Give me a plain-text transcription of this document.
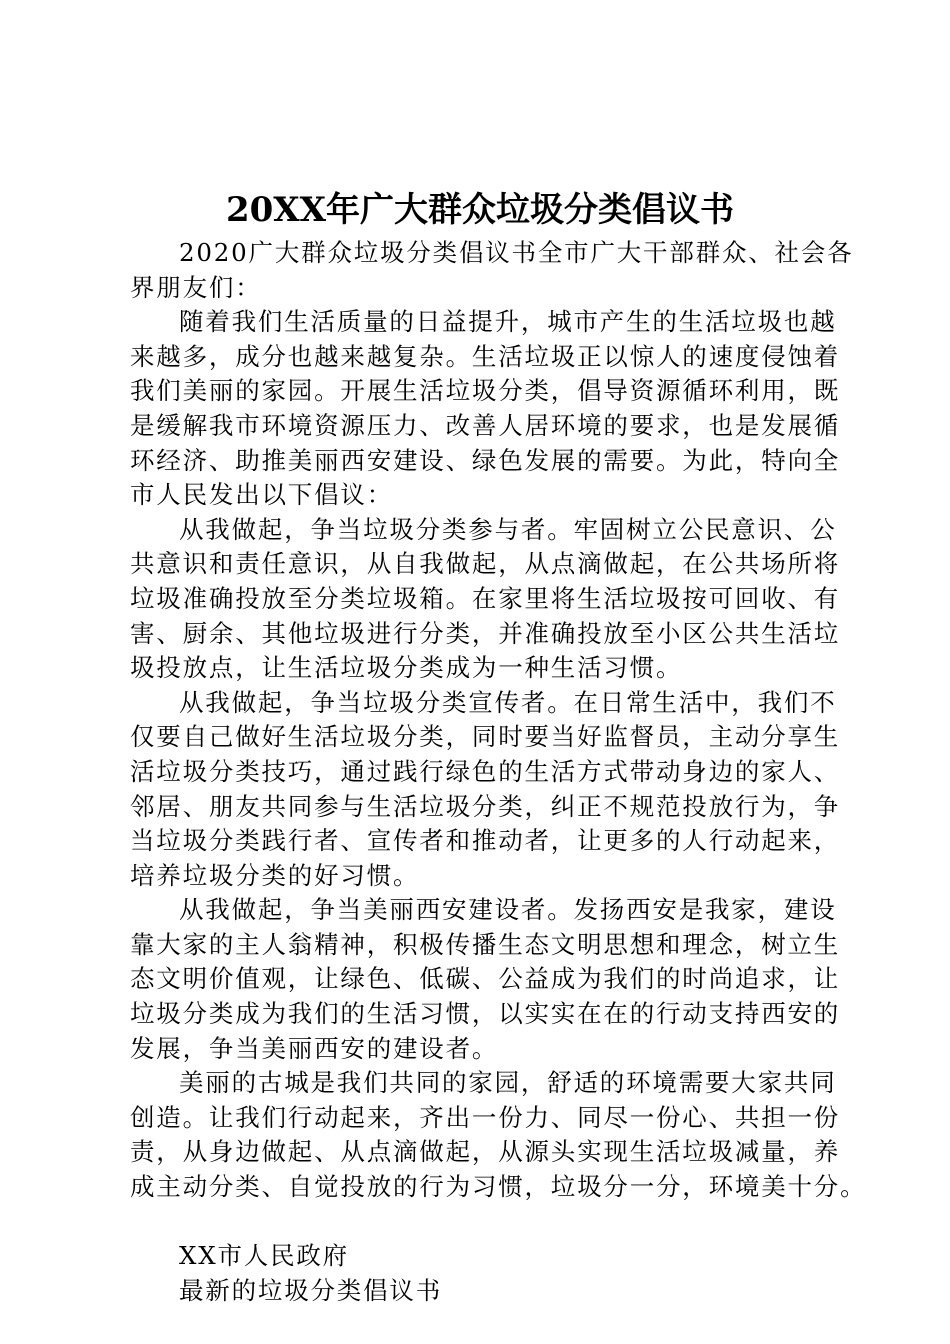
20XX年广大群众垃圾分类倡议书
2020广大群众垃圾分类倡议书全市广大干部群众、社会各
界朋友们：
随着我们生活质量的日益提升，城市产生的生活垃圾也越
来越多，成分也越来越复杂。生活垃圾正以惊人的速度侵蚀着
我们美丽的家园。开展生活垃圾分类，倡导资源循环利用，既
是缓解我市环境资源压力、改善人居环境的要求，也是发展循
环经济、助推美丽西安建设、绿色发展的需要。为此，特向全
市人民发出以下倡议：
从我做起，争当垃圾分类参与者。牢固树立公民意识、公
共意识和责任意识，从自我做起，从点滴做起，在公共场所将
垃圾准确投放至分类垃圾箱。在家里将生活垃圾按可回收、有
害、厨余、其他垃圾进行分类，并准确投放至小区公共生活垃
圾投放点，让生活垃圾分类成为一种生活习惯。
从我做起，争当垃圾分类宣传者。在日常生活中，我们不
仅要自己做好生活垃圾分类，同时要当好监督员，主动分享生
活垃圾分类技巧，通过践行绿色的生活方式带动身边的家人、
邻居、朋友共同参与生活垃圾分类，纠正不规范投放行为，争
当垃圾分类践行者、宣传者和推动者，让更多的人行动起来，
培养垃圾分类的好习惯。
从我做起，争当美丽西安建设者。发扬西安是我家，建设
靠大家的主人翁精神，积极传播生态文明思想和理念，树立生
态文明价值观，让绿色、低碳、公益成为我们的时尚追求，让
垃圾分类成为我们的生活习惯，以实实在在的行动支持西安的
发展，争当美丽西安的建设者。
美丽的古城是我们共同的家园，舒适的环境需要大家共同
创造。让我们行动起来，齐出一份力、同尽一份心、共担一份
责，从身边做起、从点滴做起，从源头实现生活垃圾减量，养
成主动分类、自觉投放的行为习惯，垃圾分一分，环境美十分。
XX市人民政府
最新的垃圾分类倡议书
